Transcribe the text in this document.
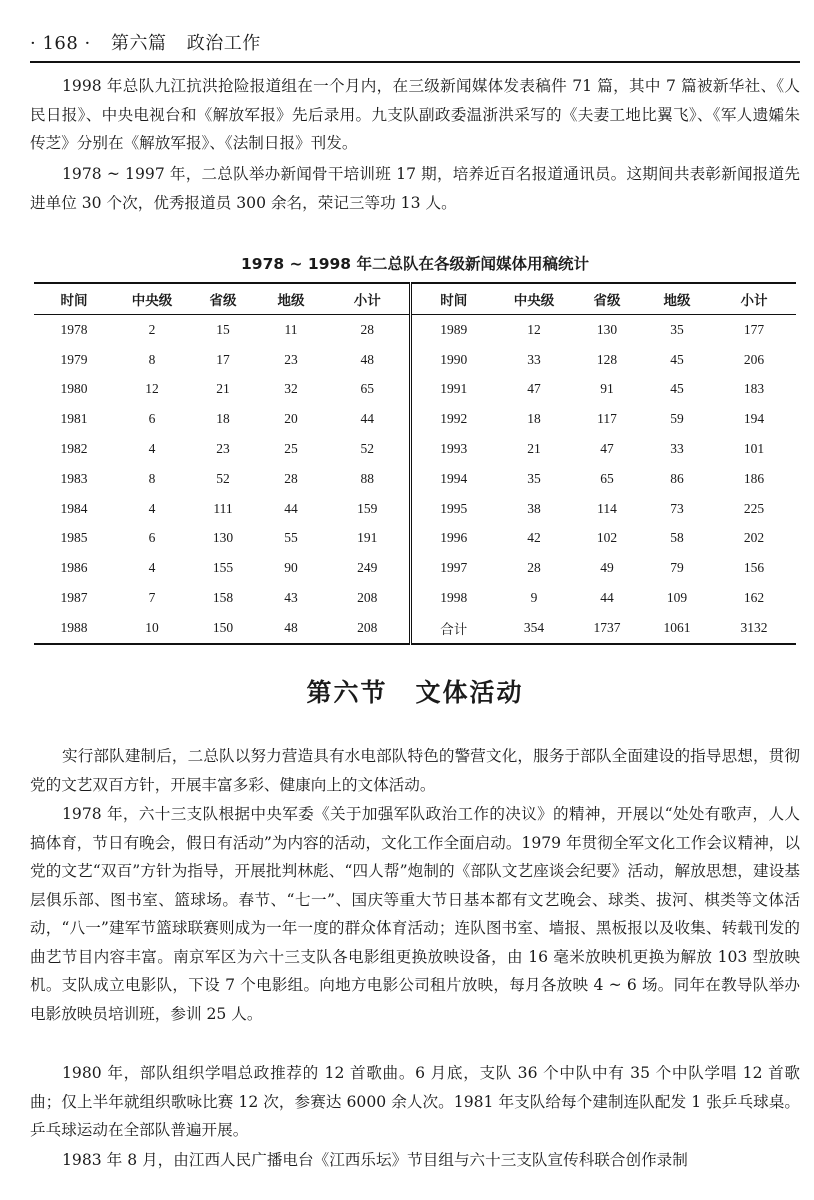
· 168 · 第六篇 政治工作

1998 年总队九江抗洪抢险报道组在一个月内，在三级新闻媒体发表稿件 71 篇，其中 7 篇被新华社、《人民日报》、中央电视台和《解放军报》先后录用。九支队副政委温浙洪采写的《夫妻工地比翼飞》、《军人遗孀朱传芝》分别在《解放军报》、《法制日报》刊发。

1978 ~ 1997 年，二总队举办新闻骨干培训班 17 期，培养近百名报道通讯员。这期间共表彰新闻报道先进单位 30 个次，优秀报道员 300 余名，荣记三等功 13 人。

1978 ~ 1998 年二总队在各级新闻媒体用稿统计
时间	中央级	省级	地级	小计	时间	中央级	省级	地级	小计
1978	2	15	11	28	1989	12	130	35	177
1979	8	17	23	48	1990	33	128	45	206
1980	12	21	32	65	1991	47	91	45	183
1981	6	18	20	44	1992	18	117	59	194
1982	4	23	25	52	1993	21	47	33	101
1983	8	52	28	88	1994	35	65	86	186
1984	4	111	44	159	1995	38	114	73	225
1985	6	130	55	191	1996	42	102	58	202
1986	4	155	90	249	1997	28	49	79	156
1987	7	158	43	208	1998	9	44	109	162
1988	10	150	48	208	合计	354	1737	1061	3132
第六节 文体活动

实行部队建制后，二总队以努力营造具有水电部队特色的警营文化，服务于部队全面建设的指导思想，贯彻党的文艺双百方针，开展丰富多彩、健康向上的文体活动。

1978 年，六十三支队根据中央军委《关于加强军队政治工作的决议》的精神，开展以“处处有歌声，人人搞体育，节日有晚会，假日有活动”为内容的活动，文化工作全面启动。1979 年贯彻全军文化工作会议精神，以党的文艺“双百”方针为指导，开展批判林彪、“四人帮”炮制的《部队文艺座谈会纪要》活动，解放思想，建设基层俱乐部、图书室、篮球场。春节、“七一”、国庆等重大节日基本都有文艺晚会、球类、拔河、棋类等文体活动，“八一”建军节篮球联赛则成为一年一度的群众体育活动；连队图书室、墙报、黑板报以及收集、转载刊发的曲艺节目内容丰富。南京军区为六十三支队各电影组更换放映设备，由 16 毫米放映机更换为解放 103 型放映机。支队成立电影队，下设 7 个电影组。向地方电影公司租片放映，每月各放映 4 ~ 6 场。同年在教导队举办电影放映员培训班，参训 25 人。

1980 年，部队组织学唱总政推荐的 12 首歌曲。6 月底，支队 36 个中队中有 35 个中队学唱 12 首歌曲；仅上半年就组织歌咏比赛 12 次，参赛达 6000 余人次。1981 年支队给每个建制连队配发 1 张乒乓球桌。乒乓球运动在全部队普遍开展。

1983 年 8 月，由江西人民广播电台《江西乐坛》节目组与六十三支队宣传科联合创作录制
